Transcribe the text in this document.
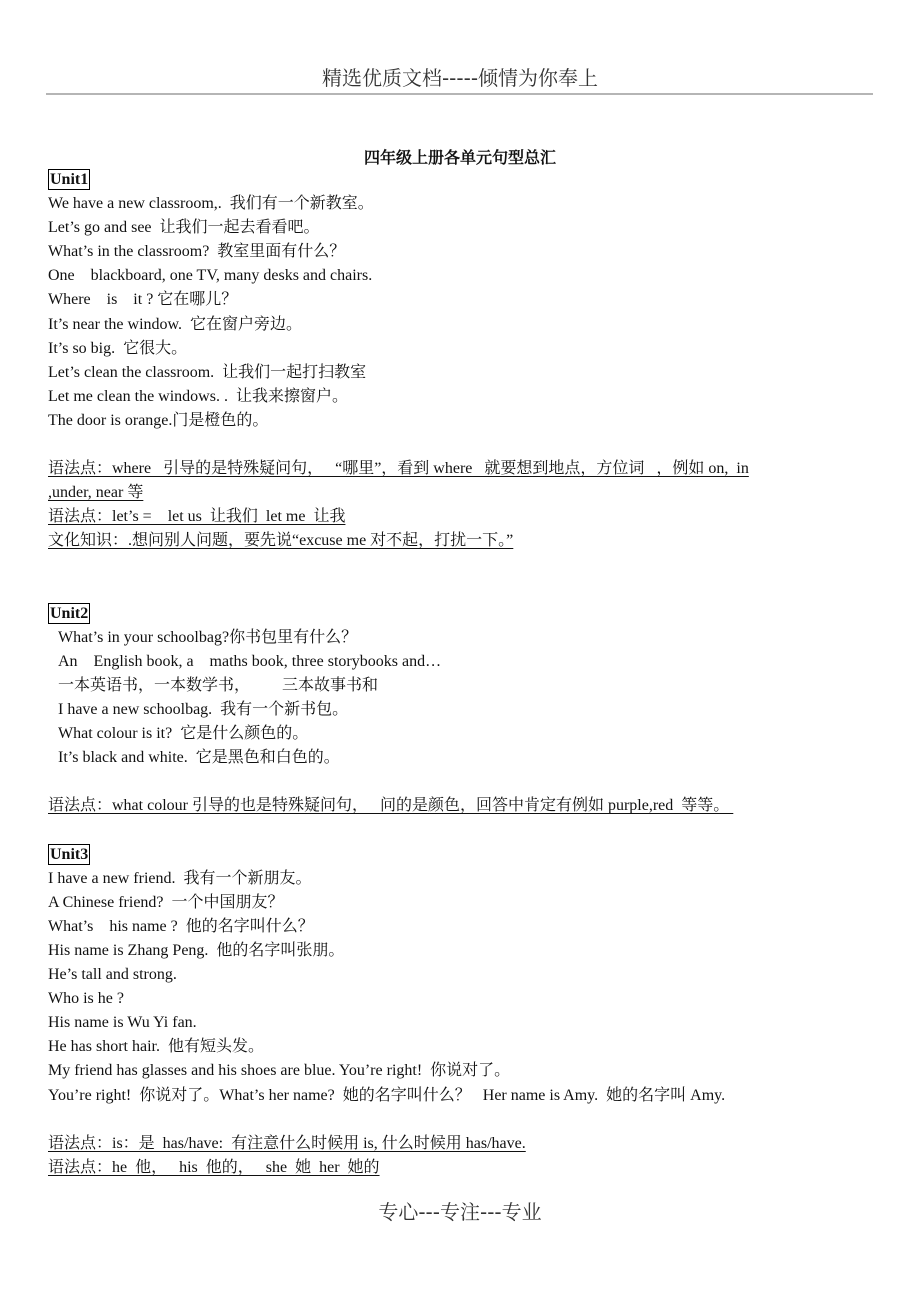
精选优质文档-----倾情为你奉上
四年级上册各单元句型总汇
Unit1
We have a new classroom,.  我们有一个新教室。
Let’s go and see  让我们一起去看看吧。
What’s in the classroom?  教室里面有什么？
One    blackboard, one TV, many desks and chairs.
Where    is    it ? 它在哪儿？
It’s near the window.  它在窗户旁边。
It’s so big.  它很大。
Let’s clean the classroom.  让我们一起打扫教室
Let me clean the windows. .  让我来擦窗户。
The door is orange.门是橙色的。
语法点：where   引导的是特殊疑问句，   “哪里”，看到 where   就要想到地点，方位词   ，例如 on,  in
,under, near 等
语法点：let’s =    let us  让我们  let me  让我
文化知识：.想问别人问题，要先说“excuse me 对不起，打扰一下。”
Unit2
What’s in your schoolbag?你书包里有什么？
An    English book, a    maths book, three storybooks and…
一本英语书，一本数学书，        三本故事书和
I have a new schoolbag.  我有一个新书包。
What colour is it?  它是什么颜色的。
It’s black and white.  它是黑色和白色的。
语法点：what colour 引导的也是特殊疑问句，   问的是颜色，回答中肯定有例如 purple,red  等等。
Unit3
I have a new friend.  我有一个新朋友。
A Chinese friend?  一个中国朋友？
What’s    his name ?  他的名字叫什么？
His name is Zhang Peng.  他的名字叫张朋。
He’s tall and strong.
Who is he ?
His name is Wu Yi fan.
He has short hair.  他有短头发。
My friend has glasses and his shoes are blue. You’re right!  你说对了。
You’re right!  你说对了。What’s her name?  她的名字叫什么？   Her name is Amy.  她的名字叫 Amy.
语法点：is：是  has/have:  有注意什么时候用 is, 什么时候用 has/have.
语法点：he  他，   his  他的，   she  她  her  她的
专心---专注---专业
